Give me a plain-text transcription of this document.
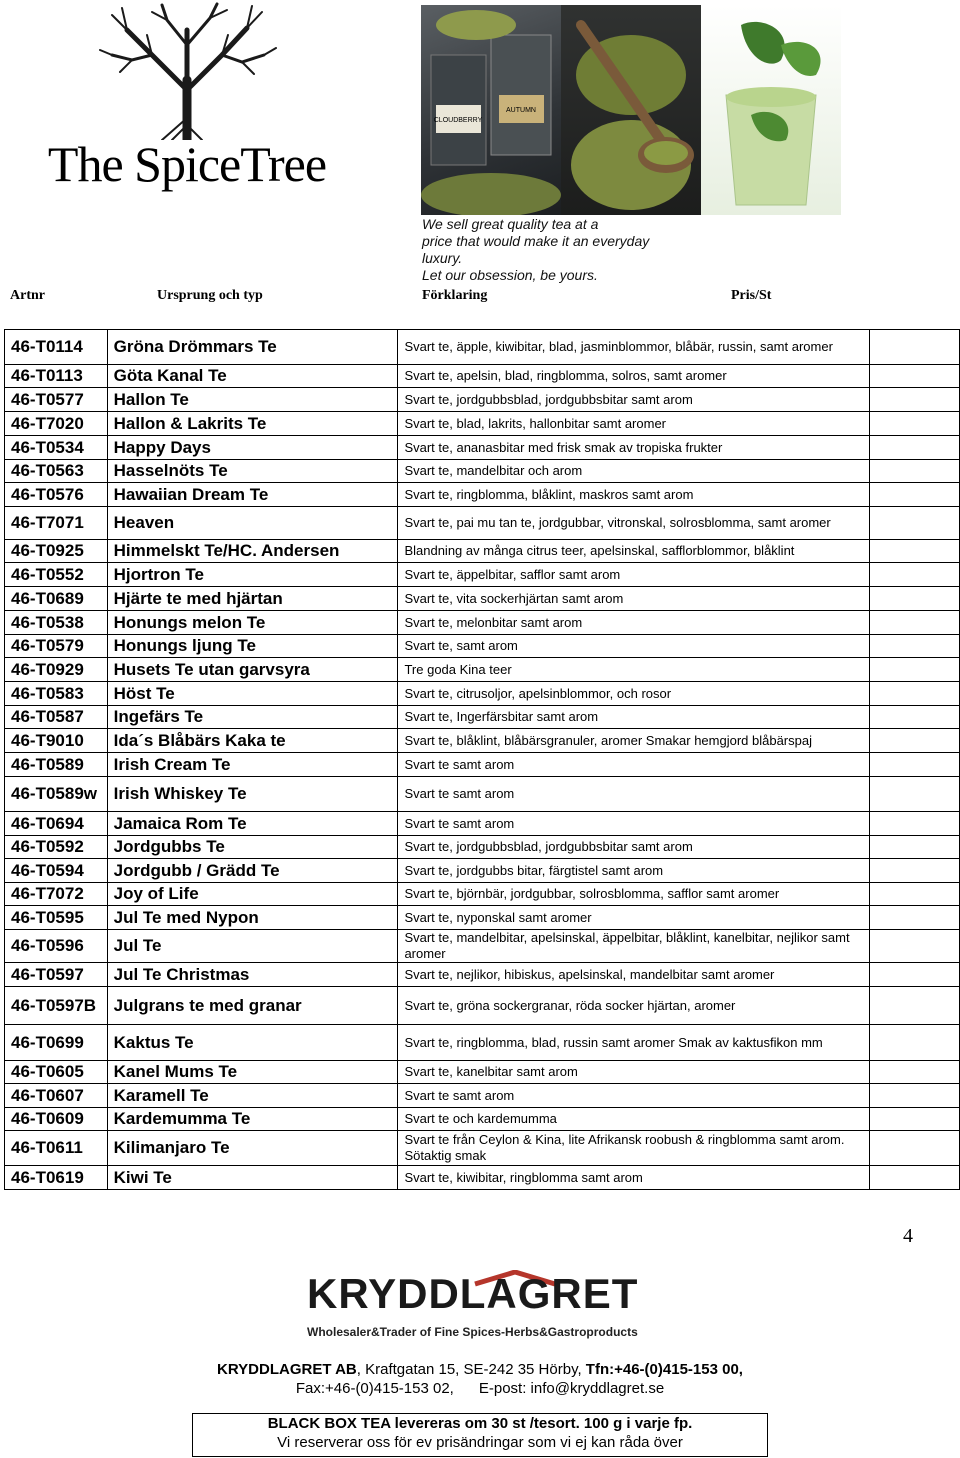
The SpiceTree
CLOUDBERRY
AUTUMN
We sell great quality tea at a
price that would make it an everyday luxury.
Let our obsession, be yours.
Artnr	Ursprung och typ	Förklaring	Pris/St
46-T0114	Gröna Drömmars Te	Svart te, äpple, kiwibitar, blad, jasminblommor, blåbär, russin, samt aromer	
46-T0113	Göta Kanal Te	Svart te, apelsin, blad, ringblomma, solros, samt aromer	
46-T0577	Hallon Te	Svart te, jordgubbsblad, jordgubbsbitar samt arom	
46-T7020	Hallon & Lakrits Te	Svart te, blad, lakrits, hallonbitar samt aromer	
46-T0534	Happy Days	Svart te, ananasbitar med frisk smak av tropiska frukter	
46-T0563	Hasselnöts Te	Svart te, mandelbitar och arom	
46-T0576	Hawaiian Dream Te	Svart te, ringblomma, blåklint, maskros samt arom	
46-T7071	Heaven	Svart te, pai mu tan te, jordgubbar, vitronskal, solrosblomma, samt aromer	
46-T0925	Himmelskt Te/HC. Andersen	Blandning av många citrus teer, apelsinskal, safflorblommor, blåklint	
46-T0552	Hjortron Te	Svart te, äppelbitar, safflor samt arom	
46-T0689	Hjärte te med hjärtan	Svart te, vita sockerhjärtan samt arom	
46-T0538	Honungs melon Te	Svart te, melonbitar samt arom	
46-T0579	Honungs ljung Te	Svart te, samt arom	
46-T0929	Husets Te utan garvsyra	Tre goda Kina teer	
46-T0583	Höst Te	Svart te, citrusoljor, apelsinblommor, och rosor	
46-T0587	Ingefärs Te	Svart te, Ingerfärsbitar samt arom	
46-T9010	Ida´s Blåbärs Kaka te	Svart te, blåklint, blåbärsgranuler, aromer Smakar hemgjord blåbärspaj	
46-T0589	Irish Cream Te	Svart te samt arom	
46-T0589w	Irish Whiskey Te	Svart te samt arom	
46-T0694	Jamaica Rom Te	Svart te samt arom	
46-T0592	Jordgubbs Te	Svart te, jordgubbsblad, jordgubbsbitar samt arom	
46-T0594	Jordgubb / Grädd Te	Svart te, jordgubbs bitar, färgtistel samt arom	
46-T7072	Joy of Life	Svart te, björnbär, jordgubbar, solrosblomma, safflor samt aromer	
46-T0595	Jul Te med Nypon	Svart te, nyponskal samt aromer	
46-T0596	Jul Te	Svart te, mandelbitar, apelsinskal, äppelbitar, blåklint, kanelbitar, nejlikor samt aromer	
46-T0597	Jul Te Christmas	Svart te, nejlikor, hibiskus, apelsinskal, mandelbitar samt aromer	
46-T0597B	Julgrans te med granar	Svart te, gröna sockergranar, röda socker hjärtan, aromer	
46-T0699	Kaktus Te	Svart te, ringblomma, blad, russin samt aromer Smak av kaktusfikon mm	
46-T0605	Kanel Mums Te	Svart te, kanelbitar samt arom	
46-T0607	Karamell Te	Svart te samt arom	
46-T0609	Kardemumma Te	Svart te och kardemumma	
46-T0611	Kilimanjaro Te	Svart te från Ceylon & Kina, lite Afrikansk roobush & ringblomma samt arom. Sötaktig smak	
46-T0619	Kiwi Te	Svart te, kiwibitar, ringblomma samt arom	
4
KRYDDLAGRET
Wholesaler&Trader of Fine Spices-Herbs&Gastroproducts
KRYDDLAGRET AB, Kraftgatan 15, SE-242 35 Hörby, Tfn:+46-(0)415-153 00,
Fax:+46-(0)415-153 02,      E-post: info@kryddlagret.se
BLACK BOX TEA levereras om 30 st /tesort. 100 g i varje fp.
Vi reserverar oss för ev prisändringar som vi ej kan råda över
